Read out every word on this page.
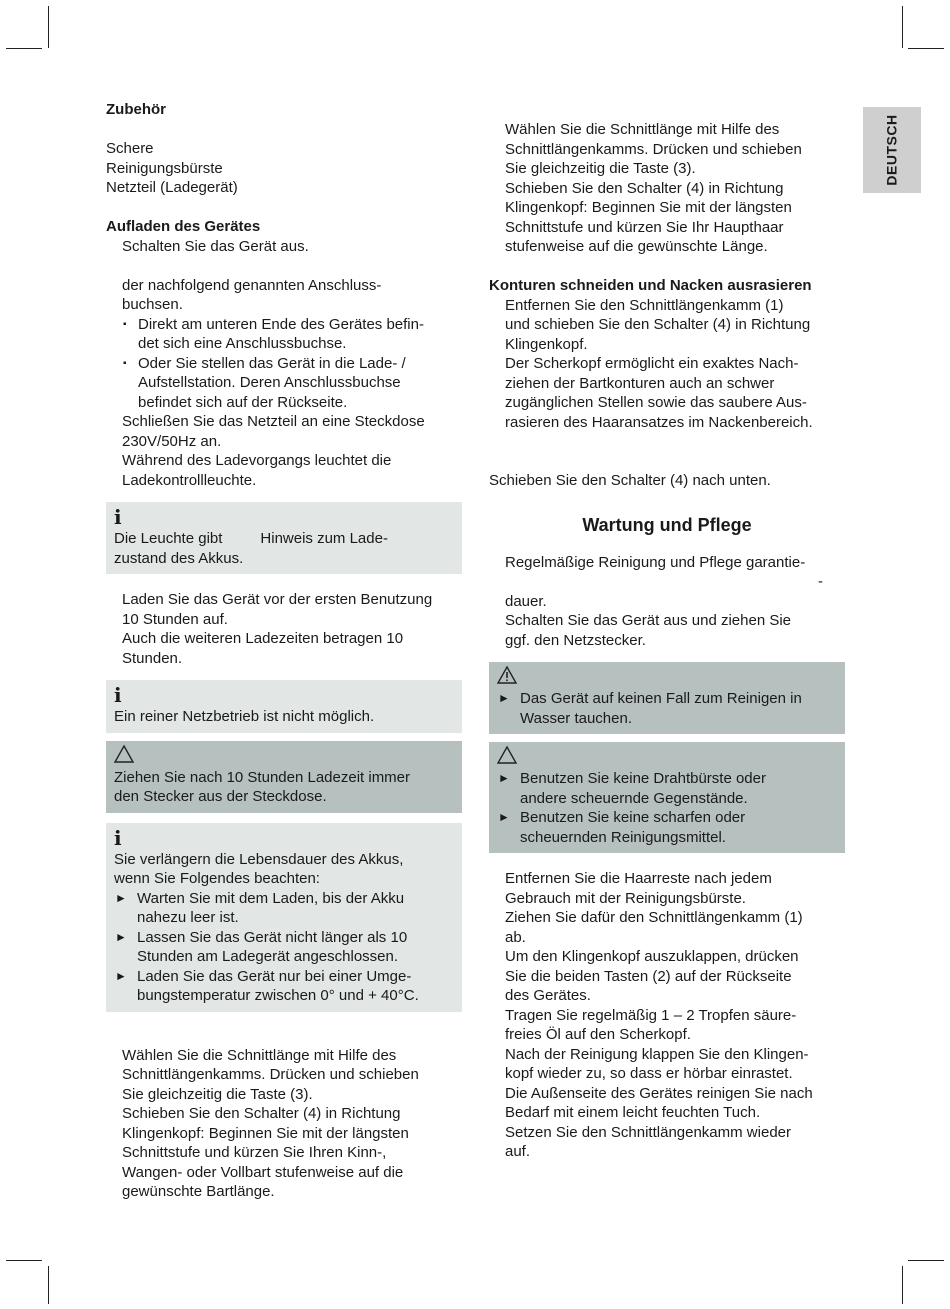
DEUTSCH

Zubehör

Schere

Reinigungsbürste

Netzteil (Ladegerät)

Aufladen des Gerätes

Schalten Sie das Gerät aus.

der nachfolgend genannten Anschluss-

buchsen.

▪ Direkt am unteren Ende des Gerätes befin-

det sich eine Anschlussbuchse.

▪ Oder Sie stellen das Gerät in die Lade- /

Aufstellstation. Deren Anschlussbuchse

befindet sich auf der Rückseite.

Schließen Sie das Netzteil an eine Steckdose

230V/50Hz an.

Während des Ladevorgangs leuchtet die

Ladekontrollleuchte.

i

Die Leuchte gibt	Hinweis zum Lade-

zustand des Akkus.

Laden Sie das Gerät vor der ersten Benutzung

10 Stunden auf.

Auch die weiteren Ladezeiten betragen 10

Stunden.

i

Ein reiner Netzbetrieb ist nicht möglich.

Ziehen Sie nach 10 Stunden Ladezeit immer

den Stecker aus der Steckdose.

i

Sie verlängern die Lebensdauer des Akkus,

wenn Sie Folgendes beachten:

► Warten Sie mit dem Laden, bis der Akku

nahezu leer ist.

► Lassen Sie das Gerät nicht länger als 10

Stunden am Ladegerät angeschlossen.

► Laden Sie das Gerät nur bei einer Umge-

bungstemperatur zwischen 0° und + 40°C.

Wählen Sie die Schnittlänge mit Hilfe des

Schnittlängenkamms. Drücken und schieben

Sie gleichzeitig die Taste (3).

Schieben Sie den Schalter (4) in Richtung

Klingenkopf: Beginnen Sie mit der längsten

Schnittstufe und kürzen Sie Ihren Kinn-,

Wangen- oder Vollbart stufenweise auf die

gewünschte Bartlänge.

Wählen Sie die Schnittlänge mit Hilfe des

Schnittlängenkamms. Drücken und schieben

Sie gleichzeitig die Taste (3).

Schieben Sie den Schalter (4) in Richtung

Klingenkopf: Beginnen Sie mit der längsten

Schnittstufe und kürzen Sie Ihr Haupthaar

stufenweise auf die gewünschte Länge.

Konturen schneiden und Nacken ausrasieren

Entfernen Sie den Schnittlängenkamm (1)

und schieben Sie den Schalter (4) in Richtung

Klingenkopf.

Der Scherkopf ermöglicht ein exaktes Nach-

ziehen der Bartkonturen auch an schwer

zugänglichen Stellen sowie das saubere Aus-

rasieren des Haaransatzes im Nackenbereich.

Schieben Sie den Schalter (4) nach unten.

Wartung und Pflege

Regelmäßige Reinigung und Pflege garantie-

-

dauer.

Schalten Sie das Gerät aus und ziehen Sie

ggf. den Netzstecker.

► Das Gerät auf keinen Fall zum Reinigen in

Wasser tauchen.

► Benutzen Sie keine Drahtbürste oder

andere scheuernde Gegenstände.

► Benutzen Sie keine scharfen oder

scheuernden Reinigungsmittel.

Entfernen Sie die Haarreste nach jedem

Gebrauch mit der Reinigungsbürste.

Ziehen Sie dafür den Schnittlängenkamm (1)

ab.

Um den Klingenkopf auszuklappen, drücken

Sie die beiden Tasten (2) auf der Rückseite

des Gerätes.

Tragen Sie regelmäßig 1 – 2 Tropfen säure-

freies Öl auf den Scherkopf.

Nach der Reinigung klappen Sie den Klingen-

kopf wieder zu, so dass er hörbar einrastet.

Die Außenseite des Gerätes reinigen Sie nach

Bedarf mit einem leicht feuchten Tuch.

Setzen Sie den Schnittlängenkamm wieder

auf.
